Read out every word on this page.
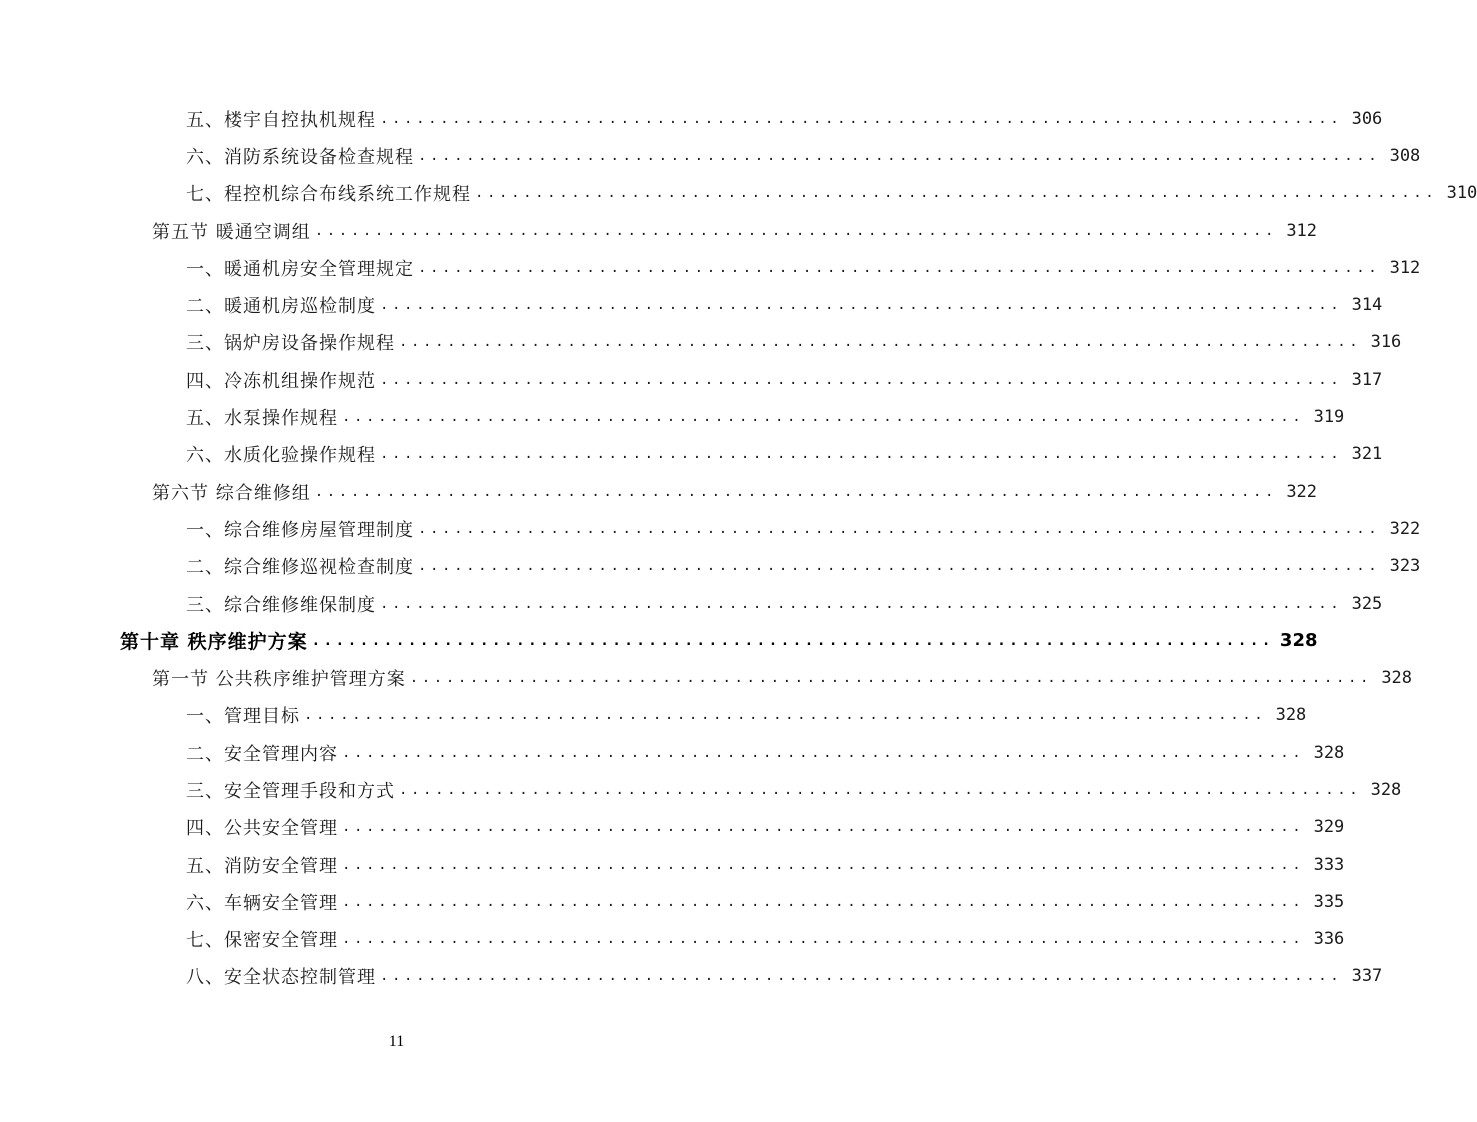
五、楼宇自控执机规程 ................................................................................ 306
六、消防系统设备检查规程 ................................................................................ 308
七、程控机综合布线系统工作规程 ................................................................................ 310
第五节 暖通空调组 ................................................................................ 312
一、暖通机房安全管理规定 ................................................................................ 312
二、暖通机房巡检制度 ................................................................................ 314
三、锅炉房设备操作规程 ................................................................................ 316
四、冷冻机组操作规范 ................................................................................ 317
五、水泵操作规程 ................................................................................ 319
六、水质化验操作规程 ................................................................................ 321
第六节 综合维修组 ................................................................................ 322
一、综合维修房屋管理制度 ................................................................................ 322
二、综合维修巡视检查制度 ................................................................................ 323
三、综合维修维保制度 ................................................................................ 325
第十章 秩序维护方案 ................................................................................ 328
第一节 公共秩序维护管理方案 ................................................................................ 328
一、管理目标 ................................................................................ 328
二、安全管理内容 ................................................................................ 328
三、安全管理手段和方式 ................................................................................ 328
四、公共安全管理 ................................................................................ 329
五、消防安全管理 ................................................................................ 333
六、车辆安全管理 ................................................................................ 335
七、保密安全管理 ................................................................................ 336
八、安全状态控制管理 ................................................................................ 337
11
